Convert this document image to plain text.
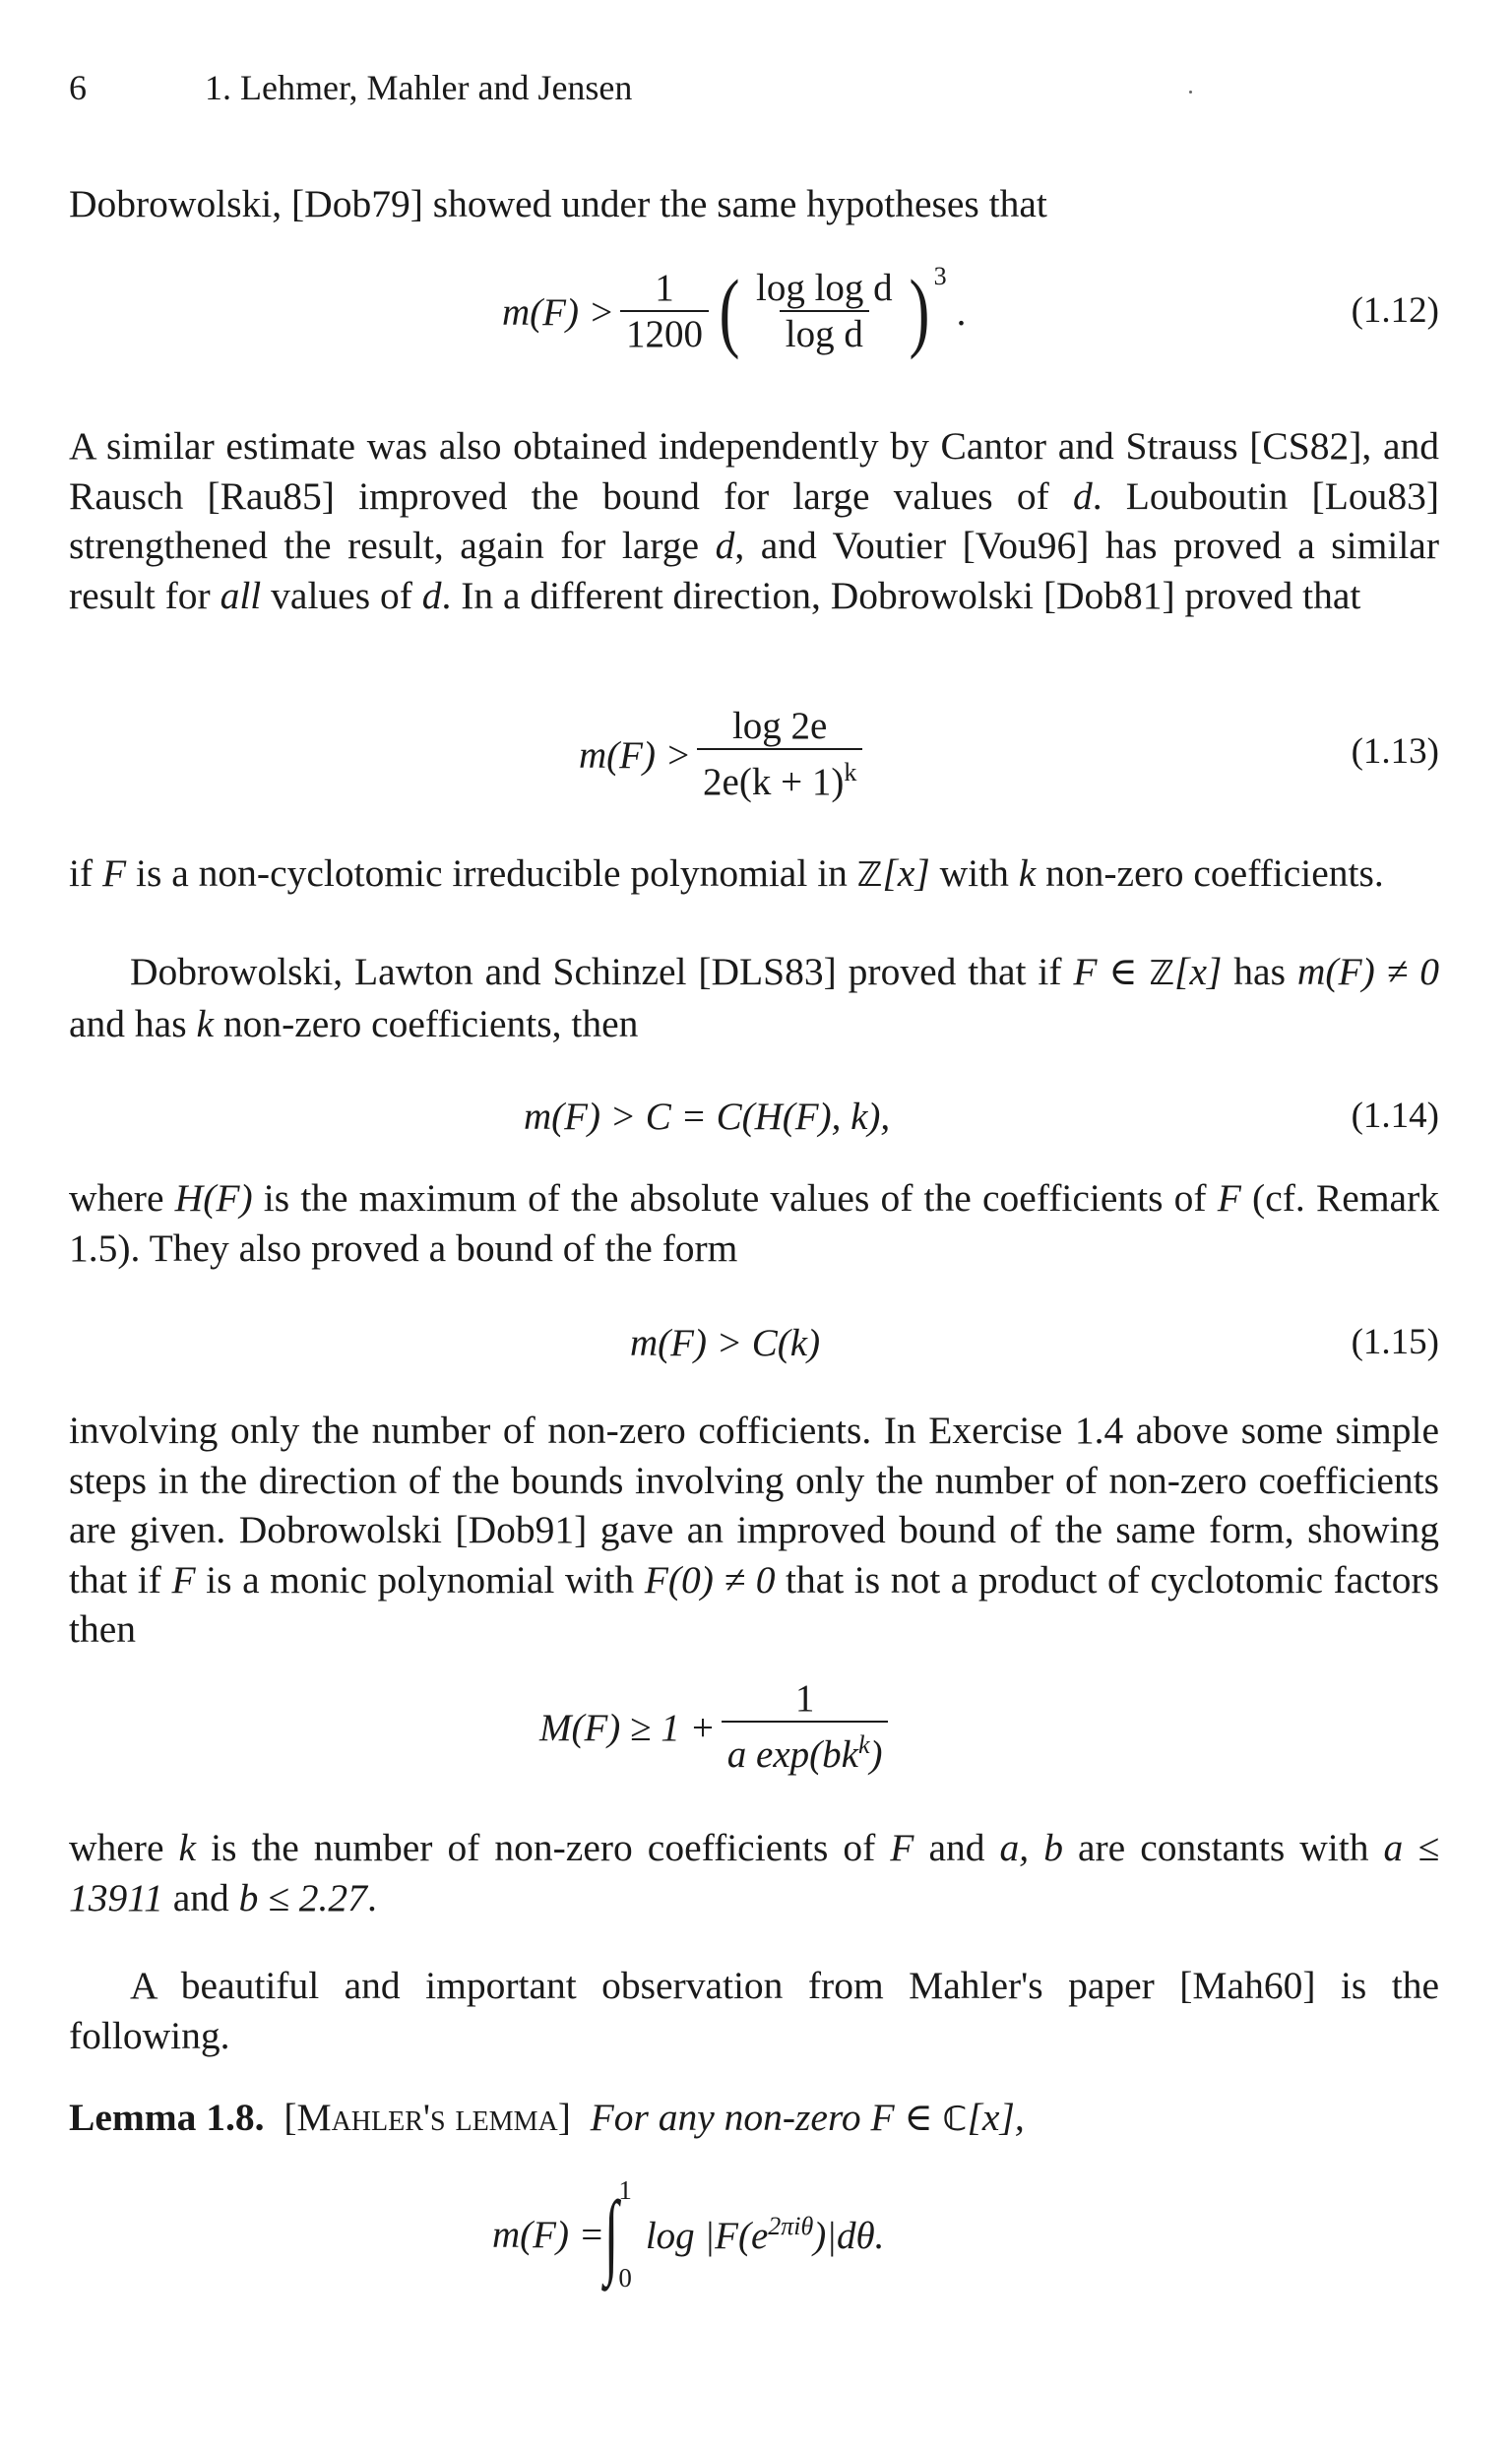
6	1. Lehmer, Mahler and Jensen
Dobrowolski, [Dob79] showed under the same hypotheses that
$m(F) > \frac{1}{1200}$ ( $\frac{\text{log log d}}{\text{log d}} )^3$
.	(1.12)
A similar estimate was also obtained independently by Cantor and Strauss [CS82], and Rausch [Rau85] improved the bound for large values of d. Louboutin [Lou83] strengthened the result, again for large d, and Voutier [Vou96] has proved a similar result for all values of d. In a different direction, Dobrowolski [Dob81] proved that
$m(F) > \frac{\log 2e}{2e(k + 1)^k}$	(1.13)
if F is a non-cyclotomic irreducible polynomial in ℤ[x] with k non-zero coefficients.
Dobrowolski, Lawton and Schinzel [DLS83] proved that if F ∈ ℤ[x] has m(F) ≠ 0 and has k non-zero coefficients, then
m(F) > C = C(H(F), k),	(1.14)
where H(F) is the maximum of the absolute values of the coefficients of F (cf. Remark 1.5). They also proved a bound of the form
m(F) > C(k)	(1.15)
involving only the number of non-zero cofficients. In Exercise 1.4 above some simple steps in the direction of the bounds involving only the number of non-zero coefficients are given. Dobrowolski [Dob91] gave an improved bound of the same form, showing that if F is a monic polynomial with F(0) ≠ 0 that is not a product of cyclotomic factors then
$M(F) \ge 1 + \frac{1}{a \exp(bk^k)}$
where k is the number of non-zero coefficients of F and a, b are constants with a ≤ 13911 and b ≤ 2.27.
A beautiful and important observation from Mahler's paper [Mah60] is the following.
Lemma 1.8. [Mahler's lemma] For any non-zero F ∈ ℂ[x],
m(F) = ∫ 1
0
$\log |F(e^{2\pi i\theta})|d\theta$.
